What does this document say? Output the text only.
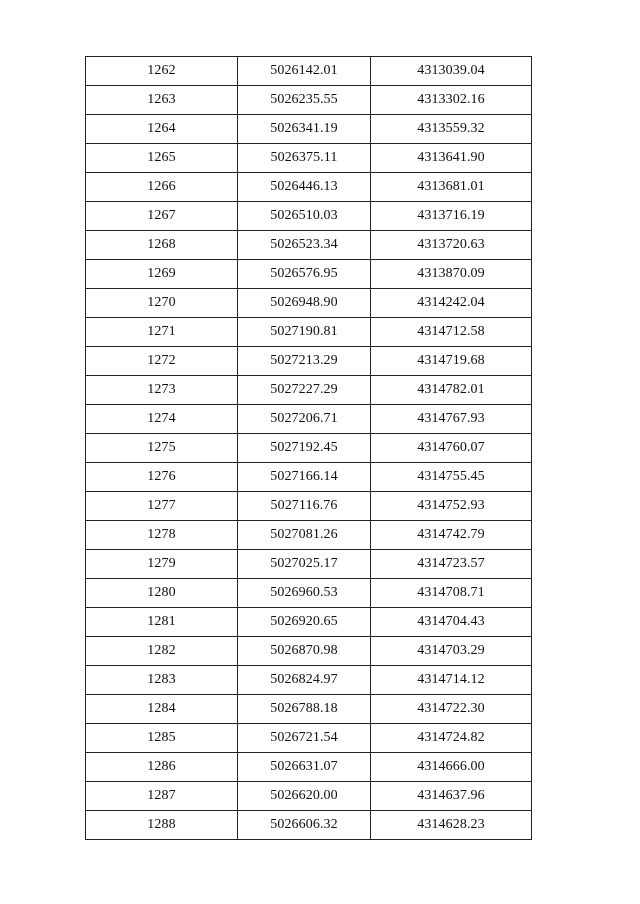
1262	5026142.01	4313039.04
1263	5026235.55	4313302.16
1264	5026341.19	4313559.32
1265	5026375.11	4313641.90
1266	5026446.13	4313681.01
1267	5026510.03	4313716.19
1268	5026523.34	4313720.63
1269	5026576.95	4313870.09
1270	5026948.90	4314242.04
1271	5027190.81	4314712.58
1272	5027213.29	4314719.68
1273	5027227.29	4314782.01
1274	5027206.71	4314767.93
1275	5027192.45	4314760.07
1276	5027166.14	4314755.45
1277	5027116.76	4314752.93
1278	5027081.26	4314742.79
1279	5027025.17	4314723.57
1280	5026960.53	4314708.71
1281	5026920.65	4314704.43
1282	5026870.98	4314703.29
1283	5026824.97	4314714.12
1284	5026788.18	4314722.30
1285	5026721.54	4314724.82
1286	5026631.07	4314666.00
1287	5026620.00	4314637.96
1288	5026606.32	4314628.23
